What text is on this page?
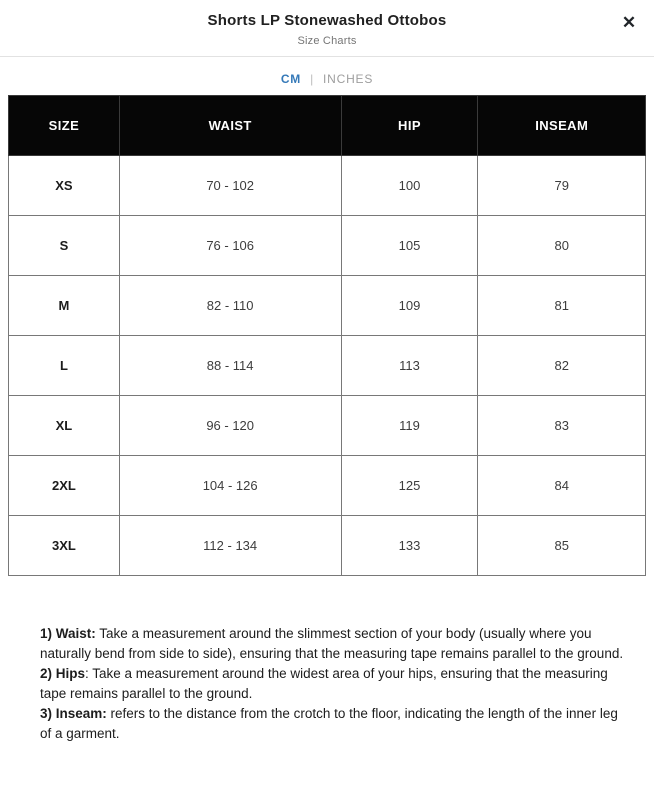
Shorts LP Stonewashed Ottobos
Size Charts
✕
CM | INCHES
SIZE	WAIST	HIP	INSEAM
XS	70 - 102	100	79
S	76 - 106	105	80
M	82 - 110	109	81
L	88 - 114	113	82
XL	96 - 120	119	83
2XL	104 - 126	125	84
3XL	112 - 134	133	85
1) Waist: Take a measurement around the slimmest section of your body (usually where you naturally bend from side to side), ensuring that the measuring tape remains parallel to the ground.
2) Hips: Take a measurement around the widest area of your hips, ensuring that the measuring tape remains parallel to the ground.
3) Inseam: refers to the distance from the crotch to the floor, indicating the length of the inner leg of a garment.
